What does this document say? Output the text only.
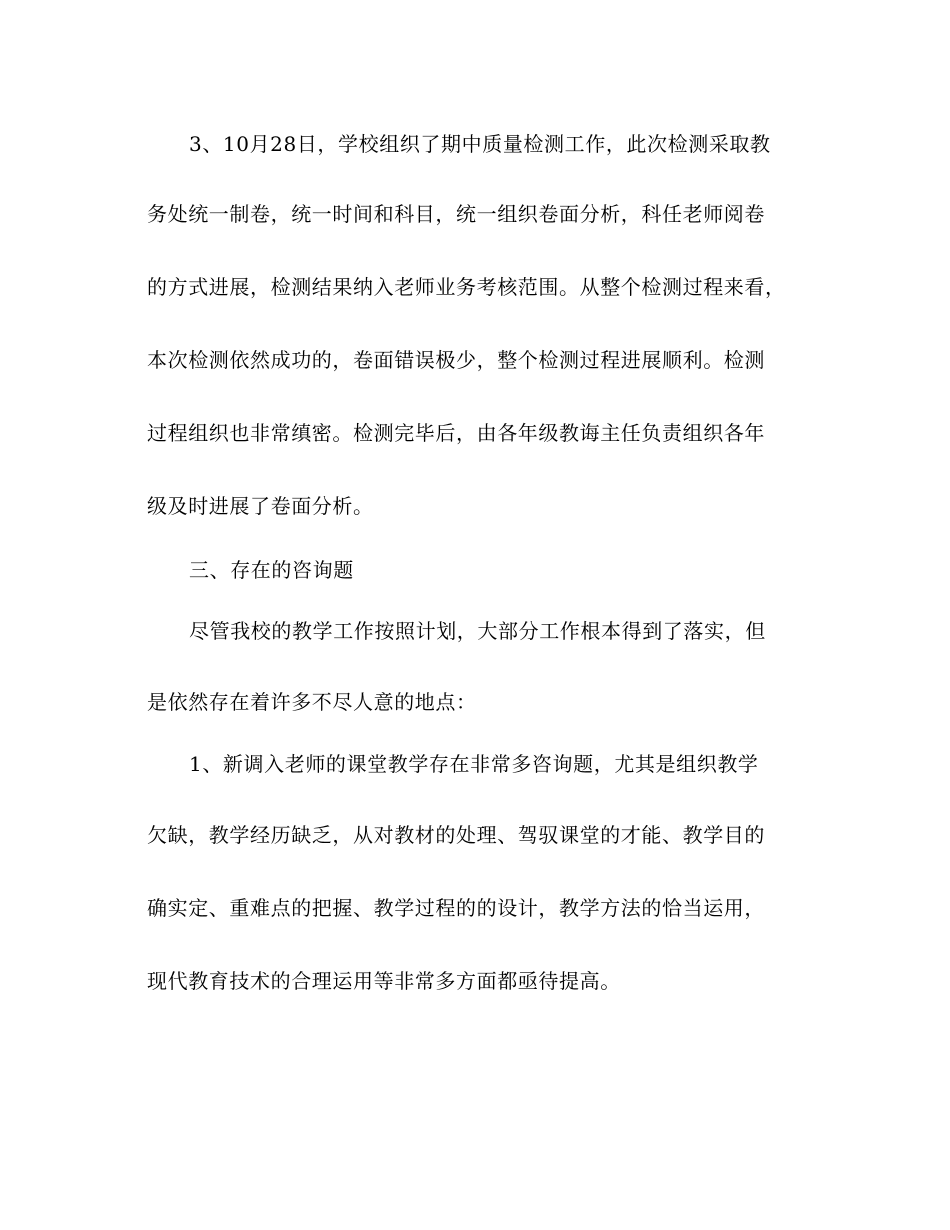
3、10月28日，学校组织了期中质量检测工作，此次检测采取教
务处统一制卷，统一时间和科目，统一组织卷面分析，科任老师阅卷
的方式进展，检测结果纳入老师业务考核范围。从整个检测过程来看，
本次检测依然成功的，卷面错误极少，整个检测过程进展顺利。检测
过程组织也非常缜密。检测完毕后，由各年级教诲主任负责组织各年
级及时进展了卷面分析。
三、存在的咨询题
尽管我校的教学工作按照计划，大部分工作根本得到了落实，但
是依然存在着许多不尽人意的地点：
1、新调入老师的课堂教学存在非常多咨询题，尤其是组织教学
欠缺，教学经历缺乏，从对教材的处理、驾驭课堂的才能、教学目的
确实定、重难点的把握、教学过程的的设计，教学方法的恰当运用，
现代教育技术的合理运用等非常多方面都亟待提高。
